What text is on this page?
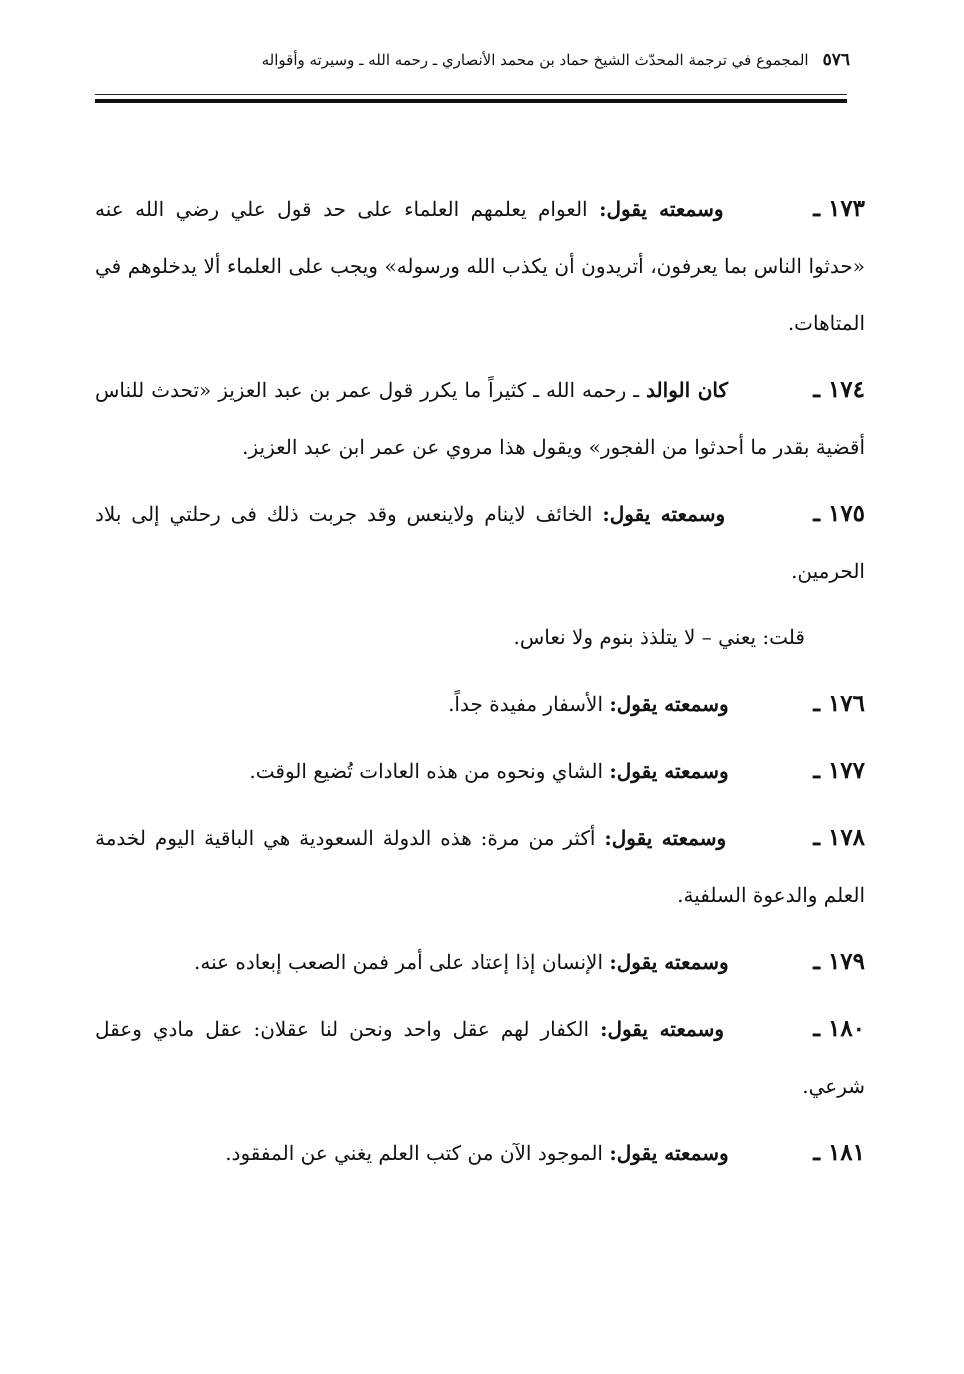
٥٧٦
المجموع في ترجمة المحدّث الشيخ حماد بن محمد الأنصاري ـ رحمه الله ـ وسيرته وأقواله

١٧٣ ـ وسمعته يقول: العوام يعلمهم العلماء على حد قول علي رضي الله عنه «حدثوا الناس بما يعرفون، أتريدون أن يكذب الله ورسوله» ويجب على العلماء ألا يدخلوهم في المتاهات.

١٧٤ ـ كان الوالد ـ رحمه الله ـ كثيراً ما يكرر قول عمر بن عبد العزيز «تحدث للناس أقضية بقدر ما أحدثوا من الفجور» ويقول هذا مروي عن عمر ابن عبد العزيز.

١٧٥ ـ وسمعته يقول: الخائف لاينام ولاينعس وقد جربت ذلك فى رحلتي إلى بلاد الحرمين.

قلت: يعني – لا يتلذذ بنوم ولا نعاس.

١٧٦ ـ وسمعته يقول: الأسفار مفيدة جداً.

١٧٧ ـ وسمعته يقول: الشاي ونحوه من هذه العادات تُضيع الوقت.

١٧٨ ـ وسمعته يقول: أكثر من مرة: هذه الدولة السعودية هي الباقية اليوم لخدمة العلم والدعوة السلفية.

١٧٩ ـ وسمعته يقول: الإنسان إذا إعتاد على أمر فمن الصعب إبعاده عنه.

١٨٠ ـ وسمعته يقول: الكفار لهم عقل واحد ونحن لنا عقلان: عقل مادي وعقل شرعي.

١٨١ ـ وسمعته يقول: الموجود الآن من كتب العلم يغني عن المفقود.
